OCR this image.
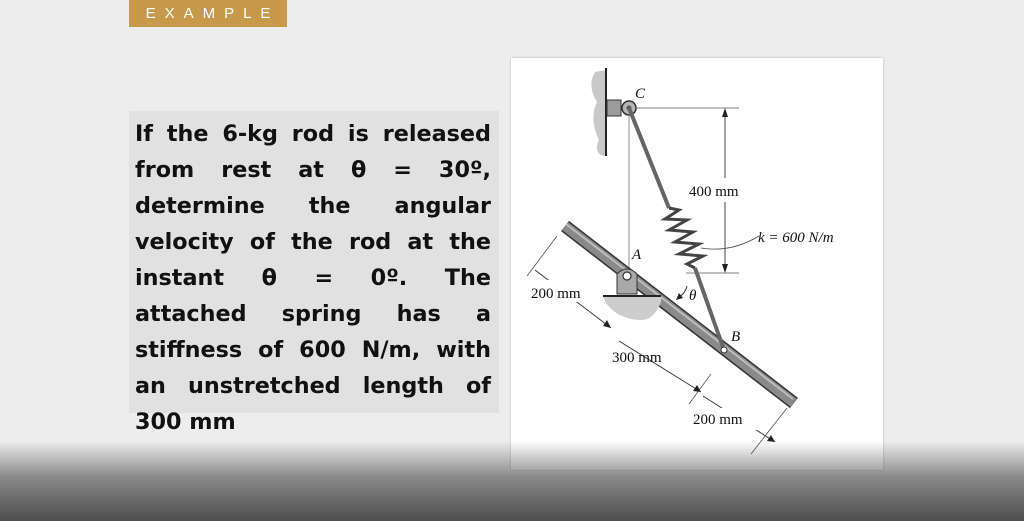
EXAMPLE
If the 6-kg rod is released from rest at θ = 30º, determine the angular velocity of the rod at the instant θ = 0º. The attached spring has a stiffness of 600 N/m, with an unstretched length of 300 mm
400 mm
k = 600 N/m
θ
C
A
B
200 mm
300 mm
200 mm
